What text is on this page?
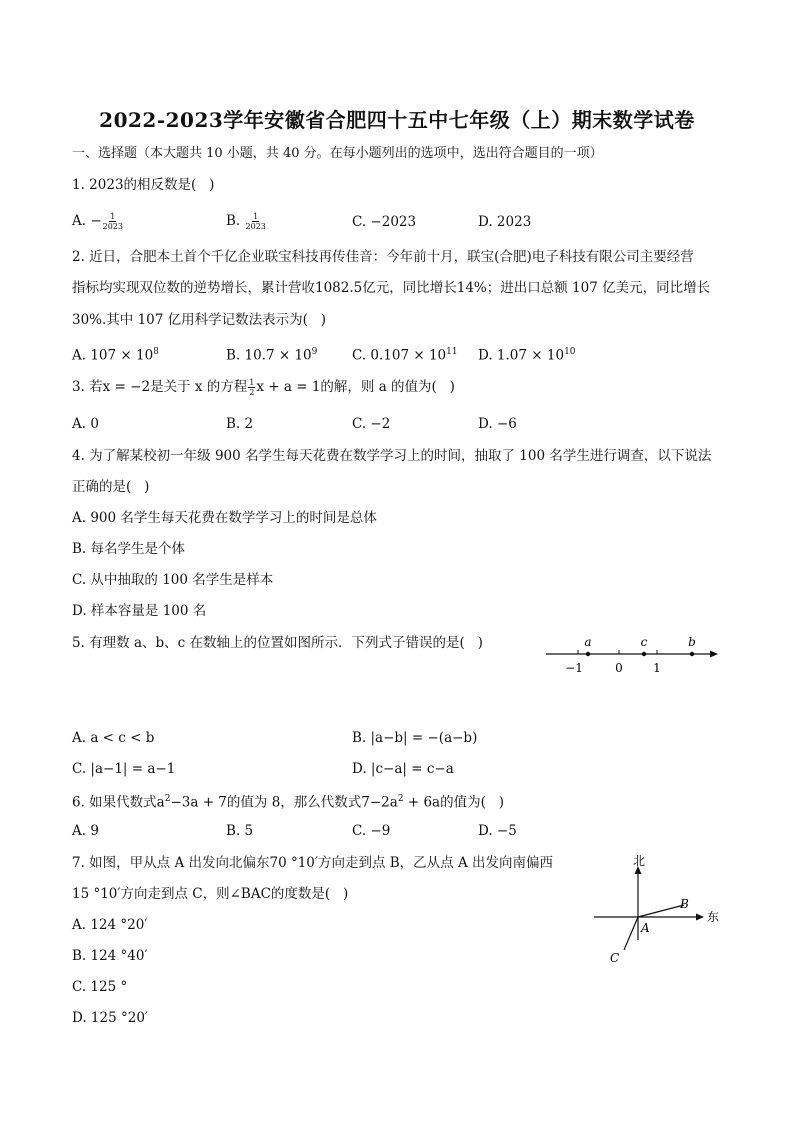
2022-2023学年安徽省合肥四十五中七年级（上）期末数学试卷
一、选择题（本大题共 10 小题，共 40 分。在每小题列出的选项中，选出符合题目的一项）
1. 2023的相反数是(   )
A. − $\frac{1}{2023}$	B. $\frac{1}{2023}$	C. −2023	D. 2023
2. 近日，合肥本土首个千亿企业联宝科技再传佳音：今年前十月，联宝(合肥)电子科技有限公司主要经营
指标均实现双位数的逆势增长，累计营收1082.5亿元，同比增长14%；进出口总额 107 亿美元，同比增长
30%.其中 107 亿用科学记数法表示为(   )
A. $107 \times 10^8$	B. $10.7 \times 10^9$	C. $0.107 \times 10^{11}$ D. $1.07 \times 10^{10}$
3. 若x = −2是关于 x 的方程 $\frac{1}{2}$ x + a = 1的解，则 a 的值为(   )
A. 0	B. 2	C. −2	D. −6
4. 为了解某校初一年级 900 名学生每天花费在数学学习上的时间，抽取了 100 名学生进行调查，以下说法
正确的是(   )
A. 900 名学生每天花费在数学学习上的时间是总体
B. 每名学生是个体
C. 从中抽取的 100 名学生是样本
D. 样本容量是 100 名
5. 有理数 a、b、c 在数轴上的位置如图所示．下列式子错误的是(   )	a	c	b
−1	0	1
A. a < c < b	B. |a−b| = −(a−b)
C. |a−1| = a−1	D. |c−a| = c−a
6. 如果代数式$a^2-3a + 7$的值为 8，那么代数式$7-2a^2 + 6a$的值为(   )
A. 9	B. 5	C. −9	D. −5
7. 如图，甲从点 A 出发向北偏东70 °10′方向走到点 B，乙从点 A 出发向南偏西
15 °10′方向走到点 C，则∠BAC的度数是(   )
A. 124 °20′
B. 124 °40′
C. 125 °
D. 125 °20′
北
东
A
B
C
